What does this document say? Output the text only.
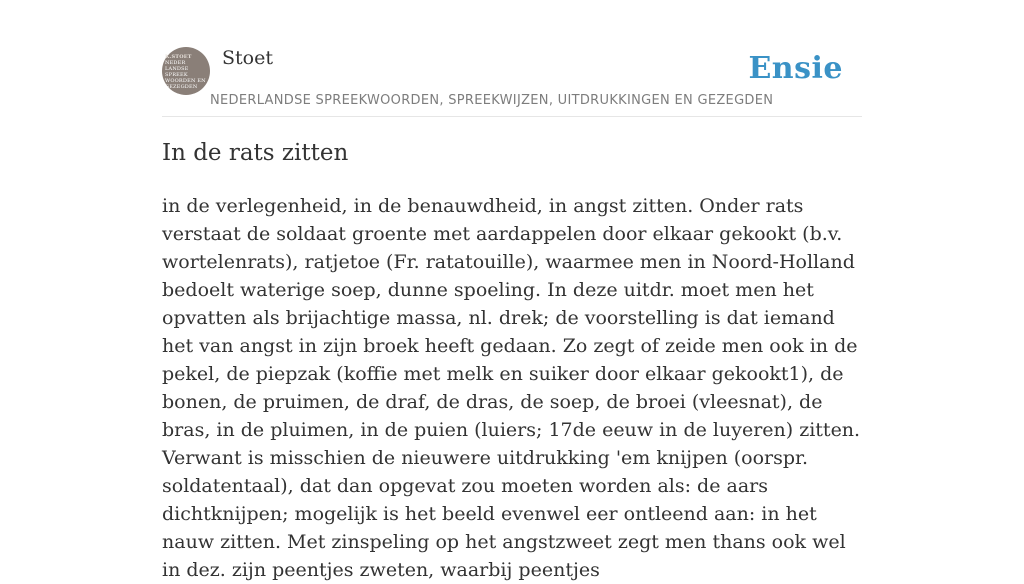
K.STOET
NEDER
LANDSE
SPREEK
WOORDEN EN
GEZEGDEN
Stoet	Ensie
NEDERLANDSE SPREEKWOORDEN, SPREEKWIJZEN, UITDRUKKINGEN EN GEZEGDEN
In de rats zitten

in de verlegenheid, in de benauwdheid, in angst zitten. Onder rats verstaat de soldaat groente met aardappelen door elkaar gekookt (b.v. wortelenrats), ratjetoe (Fr. ratatouille), waarmee men in Noord-Holland bedoelt waterige soep, dunne spoeling. In deze uitdr. moet men het opvatten als brijachtige massa, nl. drek; de voorstelling is dat iemand het van angst in zijn broek heeft gedaan. Zo zegt of zeide men ook in de pekel, de piepzak (koffie met melk en suiker door elkaar gekookt1), de bonen, de pruimen, de draf, de dras, de soep, de broei (vleesnat), de bras, in de pluimen, in de puien (luiers; 17de eeuw in de luyeren) zitten. Verwant is misschien de nieuwere uitdrukking 'em knijpen (oorspr. soldatentaal), dat dan opgevat zou moeten worden als: de aars dichtknijpen; mogelijk is het beeld evenwel eer ontleend aan: in het nauw zitten. Met zinspeling op het angstzweet zegt men thans ook wel in dez. zijn peentjes zweten, waarbij peentjes
